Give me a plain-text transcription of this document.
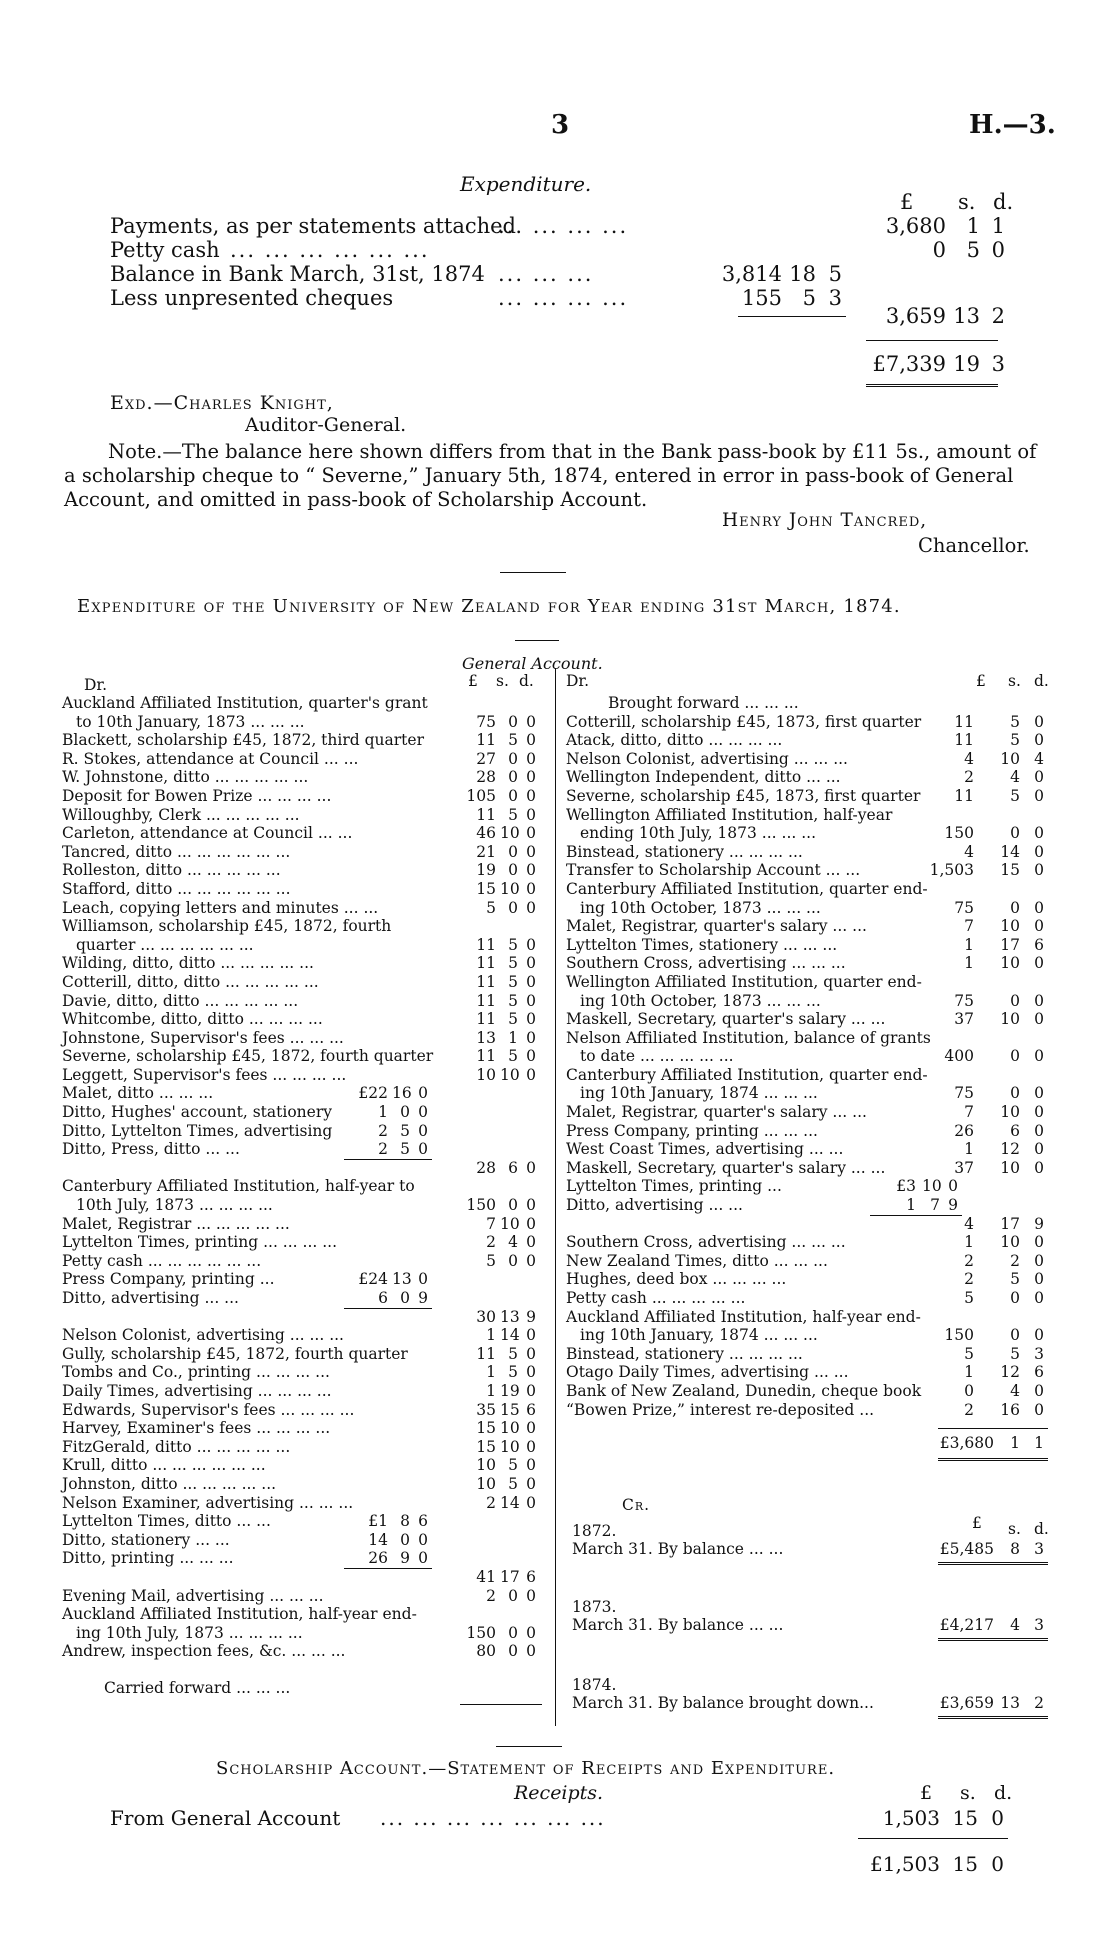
3	H.—3.
Expenditure.
£ s. d.
Payments, as per statements attached
... ... ... ...	3,680 1 1
Petty cash ... ... ... ... ... ...	0 5 0
Balance in Bank March, 31st, 1874 ... ... ...	3,814 18 5
Less unpresented cheques	... ... ... ...	155 5 3
3,659 13 2
£7,339 19 3
Exd.—Charles Knight,
Auditor-General.
Note.—The balance here shown differs from that in the Bank pass-book by £11 5s., amount of
a scholarship cheque to “ Severne,” January 5th, 1874, entered in error in pass-book of General
Account, and omitted in pass-book of Scholarship Account.
Henry John Tancred,
Chancellor.
Expenditure of the University of New Zealand for Year ending 31st March, 1874.
General Account.
Dr.	£ s. d.
Auckland Affiliated Institution, quarter's grant
to 10th January, 1873 ... ... ...	75 0 0
Blackett, scholarship £45, 1872, third quarter	11 5 0
R. Stokes, attendance at Council ... ...	27 0 0
W. Johnstone, ditto ... ... ... ... ...	28 0 0
Deposit for Bowen Prize ... ... ... ...	105 0 0
Willoughby, Clerk ... ... ... ... ...	11 5 0
Carleton, attendance at Council ... ...	46 10 0
Tancred, ditto ... ... ... ... ... ...	21 0 0
Rolleston, ditto ... ... ... ... ...	19 0 0
Stafford, ditto ... ... ... ... ... ...	15 10 0
Leach, copying letters and minutes ... ...	5 0 0
Williamson, scholarship £45, 1872, fourth
quarter ... ... ... ... ... ...	11 5 0
Wilding, ditto, ditto ... ... ... ... ...	11 5 0
Cotterill, ditto, ditto ... ... ... ... ...	11 5 0
Davie, ditto, ditto ... ... ... ... ...	11 5 0
Whitcombe, ditto, ditto ... ... ... ...	11 5 0
Johnstone, Supervisor's fees ... ... ...	13 1 0
Severne, scholarship £45, 1872, fourth quarter	11 5 0
Leggett, Supervisor's fees ... ... ... ...	10 10 0
Malet, ditto ... ... ...	£22 16 0
Ditto, Hughes' account, stationery	1 0 0
Ditto, Lyttelton Times, advertising	2 5 0
Ditto, Press, ditto ... ...	2 5 0
28 6 0
Canterbury Affiliated Institution, half-year to
10th July, 1873 ... ... ... ...	150 0 0
Malet, Registrar ... ... ... ... ...	7 10 0
Lyttelton Times, printing ... ... ... ...	2 4 0
Petty cash ... ... ... ... ... ...	5 0 0
Press Company, printing ...	£24 13 0
Ditto, advertising ... ...	6 0 9
30 13 9
Nelson Colonist, advertising ... ... ...	1 14 0
Gully, scholarship £45, 1872, fourth quarter	11 5 0
Tombs and Co., printing ... ... ... ...	1 5 0
Daily Times, advertising ... ... ... ...	1 19 0
Edwards, Supervisor's fees ... ... ... ...	35 15 6
Harvey, Examiner's fees ... ... ... ...	15 10 0
FitzGerald, ditto ... ... ... ... ...	15 10 0
Krull, ditto ... ... ... ... ... ...	10 5 0
Johnston, ditto ... ... ... ... ...	10 5 0
Nelson Examiner, advertising ... ... ...	2 14 0
Lyttelton Times, ditto ... ...	£1 8 6
Ditto, stationery ... ...	14 0 0
Ditto, printing ... ... ...	26 9 0
41 17 6
Evening Mail, advertising ... ... ...	2 0 0
Auckland Affiliated Institution, half-year end-
ing 10th July, 1873 ... ... ... ...	150 0 0
Andrew, inspection fees, &c. ... ... ...	80 0 0
Carried forward ... ... ...
Dr.	£ s. d.
Brought forward ... ... ...
Cotterill, scholarship £45, 1873, first quarter	11	5 0
Atack, ditto, ditto ... ... ... ...	11	5 0
Nelson Colonist, advertising ... ... ...	4 10 4
Wellington Independent, ditto ... ...	2	4 0
Severne, scholarship £45, 1873, first quarter	11	5 0
Wellington Affiliated Institution, half-year
ending 10th July, 1873 ... ... ...	150	0 0
Binstead, stationery ... ... ... ...	4 14 0
Transfer to Scholarship Account ... ...	1,503 15 0
Canterbury Affiliated Institution, quarter end-
ing 10th October, 1873 ... ... ...	75	0 0
Malet, Registrar, quarter's salary ... ...	7 10 0
Lyttelton Times, stationery ... ... ...	1 17 6
Southern Cross, advertising ... ... ...	1 10 0
Wellington Affiliated Institution, quarter end-
ing 10th October, 1873 ... ... ...	75	0 0
Maskell, Secretary, quarter's salary ... ...	37 10 0
Nelson Affiliated Institution, balance of grants
to date ... ... ... ... ...	400	0 0
Canterbury Affiliated Institution, quarter end-
ing 10th January, 1874 ... ... ...	75	0 0
Malet, Registrar, quarter's salary ... ...	7 10 0
Press Company, printing ... ... ...	26	6 0
West Coast Times, advertising ... ...	1 12 0
Maskell, Secretary, quarter's salary ... ...	37 10 0
Lyttelton Times, printing ...	£3 10 0
Ditto, advertising ... ...	1 7 9
4 17 9
Southern Cross, advertising ... ... ...	1 10 0
New Zealand Times, ditto ... ... ...	2	2 0
Hughes, deed box ... ... ... ...	2	5 0
Petty cash ... ... ... ... ...	5	0 0
Auckland Affiliated Institution, half-year end-
ing 10th January, 1874 ... ... ...	150	0 0
Binstead, stationery ... ... ... ...	5	5 3
Otago Daily Times, advertising ... ...	1 12 6
Bank of New Zealand, Dunedin, cheque book	0	4 0
“Bowen Prize,” interest re-deposited ...	2 16 0
£3,680	1 1
Cr.
£ s. d.
1872.
March 31. By balance ... ...	£5,485	8 3
1873.
March 31. By balance ... ...	£4,217	4 3
1874.
March 31. By balance brought down...	£3,659 13 2
Scholarship Account.—Statement of Receipts and Expenditure.
Receipts.	£ s. d.
From General Account ... ... ... ... ... ... ...	1,503 15 0
£1,503 15 0
